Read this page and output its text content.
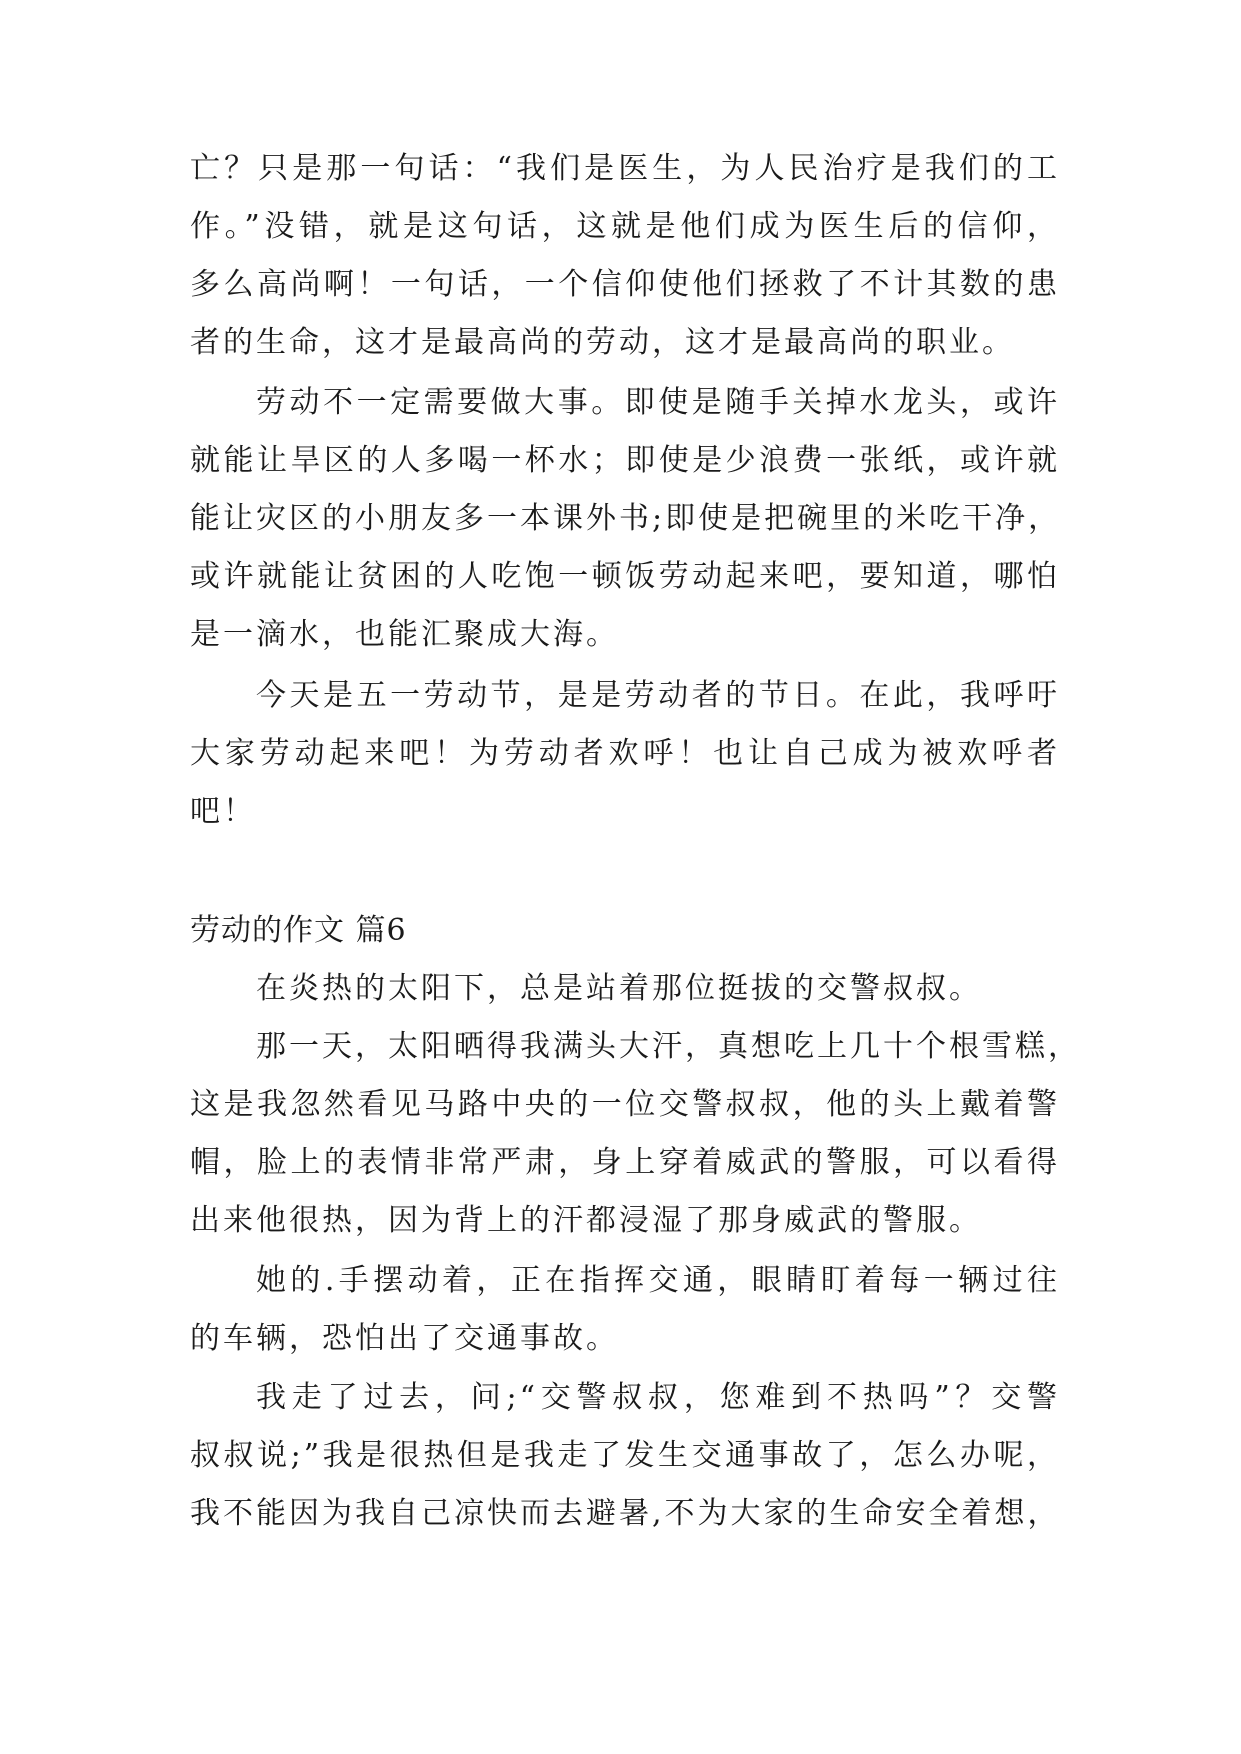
亡？只是那一句话：“我们是医生，为人民治疗是我们的工
作。”没错，就是这句话，这就是他们成为医生后的信仰，
多么高尚啊！一句话，一个信仰使他们拯救了不计其数的患
者的生命，这才是最高尚的劳动，这才是最高尚的职业。
劳动不一定需要做大事。即使是随手关掉水龙头，或许
就能让旱区的人多喝一杯水；即使是少浪费一张纸，或许就
能让灾区的小朋友多一本课外书;即使是把碗里的米吃干净，
或许就能让贫困的人吃饱一顿饭劳动起来吧，要知道，哪怕
是一滴水，也能汇聚成大海。
今天是五一劳动节，是是劳动者的节日。在此，我呼吁
大家劳动起来吧！为劳动者欢呼！也让自己成为被欢呼者
吧！
劳动的作文 篇6
在炎热的太阳下，总是站着那位挺拔的交警叔叔。
那一天，太阳晒得我满头大汗，真想吃上几十个根雪糕，
这是我忽然看见马路中央的一位交警叔叔，他的头上戴着警
帽，脸上的表情非常严肃，身上穿着威武的警服，可以看得
出来他很热，因为背上的汗都浸湿了那身威武的警服。
她的.手摆动着，正在指挥交通，眼睛盯着每一辆过往
的车辆，恐怕出了交通事故。
我走了过去，问;“交警叔叔，您难到不热吗”？交警
叔叔说;”我是很热但是我走了发生交通事故了，怎么办呢，
我不能因为我自己凉快而去避暑,不为大家的生命安全着想，
